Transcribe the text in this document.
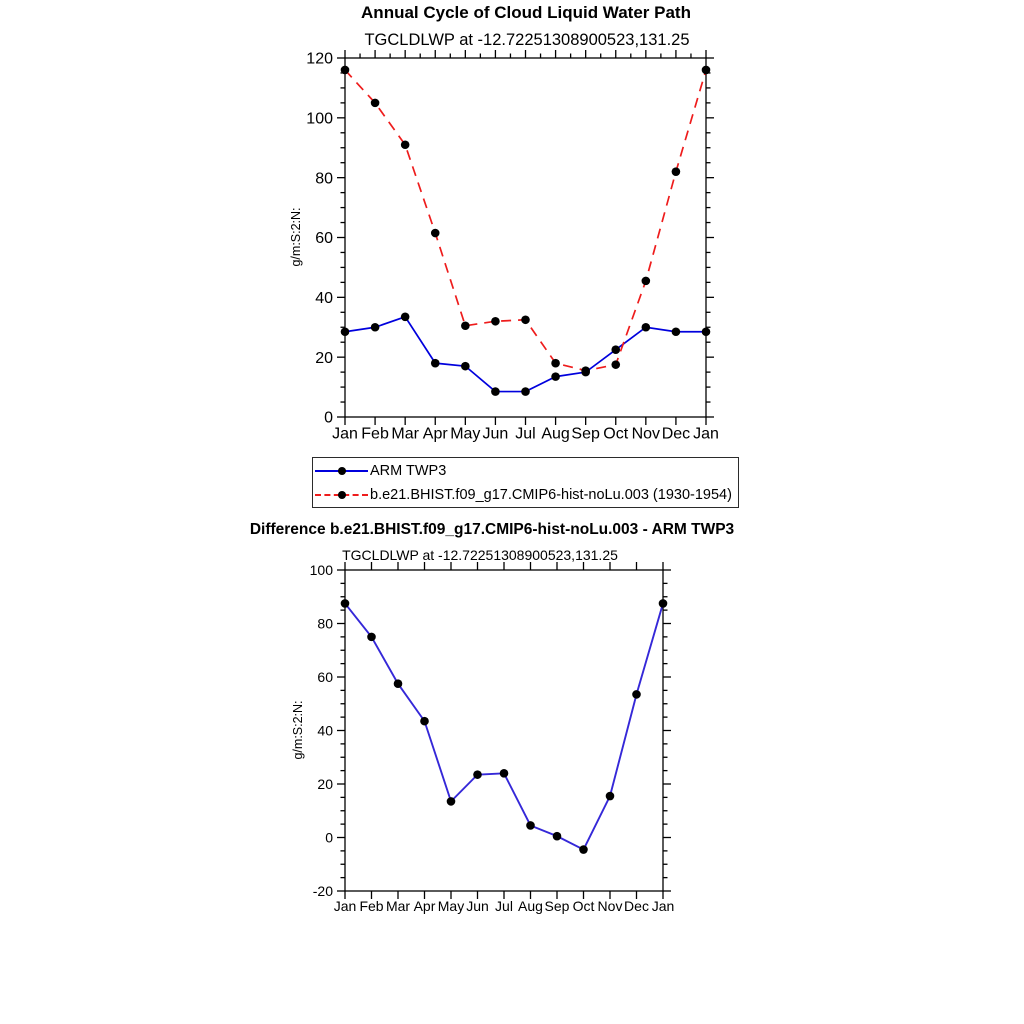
0
20
40
60
80
100
120
Jan Feb Mar Apr May Jun Jul Aug Sep Oct Nov Dec Jan
-20
0
20
40
60
80
100
Jan Feb Mar Apr May Jun Jul Aug Sep Oct Nov Dec Jan
Annual Cycle of Cloud Liquid Water Path
TGCLDLWP at -12.72251308900523,131.25
g/m:S:2:N:
ARM TWP3
b.e21.BHIST.f09_g17.CMIP6-hist-noLu.003 (1930-1954)
Difference b.e21.BHIST.f09_g17.CMIP6-hist-noLu.003 - ARM TWP3
TGCLDLWP at -12.72251308900523,131.25
g/m:S:2:N:
